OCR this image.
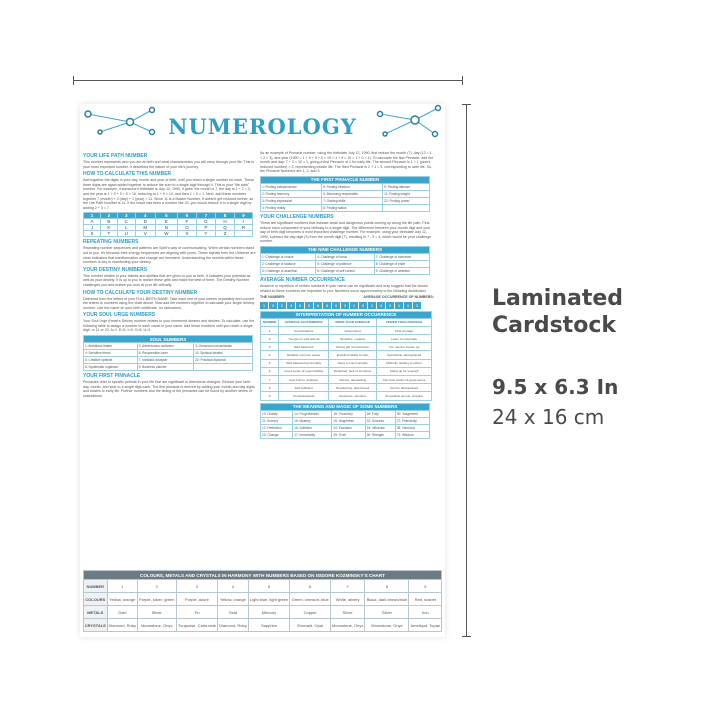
Laminated
Cardstock
9.5 x 6.3 In
24 x 16 cm
NUMEROLOGY
YOUR LIFE PATH NUMBER
This number represents who you are at birth and what characteristics you will carry through your life. This is your most important number. It describes the nature of your life's journey.
HOW TO CALCULATE THIS NUMBER
Add together the digits in your day, month and year of birth, until you reach a single number for each. These three digits are again added together to reduce the sum to a single digit through 9. This is your "life path" number. For example, if someone's birthdate is July 12, 1990, it goes: the month is 7, the day is 1 + 2 = 3, and the year is 1 + 9 + 9 + 0 = 19, reducing to 1 + 9 = 10, and then 1 + 0 = 1. Next, add these numbers together 7 (month) + 3 (day) + 1 (year) = 11. Since 11 is a Master Number, it doesn't get reduced further, so the Life Path Number is 11. If the result had been a number like 23, you would reduce it to a single digit by adding 2 + 3 = 7.
1	2	3	4	5	6	7	8	9
A	B	C	D	E	F	G	H	I
J	K	L	M	N	O	P	Q	R
S	T	U	V	W	X	Y	Z	
REPEATING NUMBERS
Repeating number sequences and patterns are Spirit's way of communicating. When certain numbers stand out to you, it's because their energy frequencies are aligning with yours. These signals from the Universe are clear indicators that transformation and change are imminent. Understanding the secrets within these numbers is key to manifesting your destiny.
YOUR DESTINY NUMBERS
This number relates to your talents and abilities that are given to you at birth. It indicates your potential as well as your destiny: It is up to you to realize these gifts and make the best of them. The Destiny Number challenges you and makes you look at your life critically.
HOW TO CALCULATE YOUR DESTINY NUMBER
Delivered from the letters of your FULL BIRTH NAME. Take each one of your names separately and convert the letters to numbers using the chart above. Now add the numbers together to calculate your single destiny number. Use the name on your birth certificate, no nicknames.
YOUR SOUL URGE NUMBERS
Your Soul Urge (Heart's Desire) number relates to your innermost dreams and desires. To calculate, use the following table to assign a number to each vowel in your name. Add these numbers until you reach a single digit, or 11 or 22. A=1, E=5, I=9, O=6, U=3.
SOUL NUMBERS		
1: Ambitious leader	2: Adventurous motivator	3: Generous humanitarian
4: Sensitive friend	5: Responsible carer	11: Spiritual idealist
6: Creative optimist	7: Idealistic analyser	22: Practical diplomat
8: Systematic organiser	9: Business planner	
YOUR FIRST PINNACLE
Pinnacles refer to specific periods in your life that are significant in directional changes. Reduce your birth day, month, and year to a single digit each. The first pinnacle is derived by adding your month and day digits and relates to early life. Further numbers and the timing of the pinnacles can be found by another series of calculations.
As an example of Pinnacle number, using the birthdate July 12, 1990, first reduce the month (7), day (12 = 1 + 2 = 3), and year (1990 = 1 + 9 + 9 + 0 = 19 = 1 + 9 = 10 = 1 + 0 = 1). To calculate the first Pinnacle, add the month and day: 7 + 3 = 10 = 1, giving a first Pinnacle of 1 for early life. The second Pinnacle is 1 + 1 (year's reduced number) = 2, representing middle life. The third Pinnacle is 2 + 1 = 3, corresponding to later life. So, the Pinnacle Numbers are 1, 2, and 3.
THE FIRST PINNACLE NUMBER		
1: Finding independence	5: Finding freedom	9: Finding altruism
2: Finding harmony	6: Becoming responsible	11: Finding insight
3: Finding expression	7: Gaining skills	22: Finding power
4: Finding reality	8: Finding status	
YOUR CHALLENGE NUMBERS
These are significant numbers that indicate weak and dangerous points coming up along the life path. First, reduce each component of your birthday to a single digit. The difference between your month digit and your day of birth digit becomes a most important challenge number. For example, using your birthdate July 12, 1990, subtract the day digit (3) from the month digit (7), resulting in 7 - 3 = 4, which would be your challenge number.
THE NINE CHALLENGE NUMBERS		
1: Challenge of choice	4: Challenge of focus	7: Challenge of tolerance
2: Challenge of balance	5: Challenge of patience	8: Challenge of pride
3: Challenge of assertion	6: Challenge of self control	9: Challenge of ambition
AVERAGE NUMBER OCCURRENCE
Absence or repetition of certain numbers in your name can be significant and may suggest that the issues related to these numbers are important to you. Numbers occur approximately in the following distribution.
THE NUMBER:	AVERAGE OCCURRENCE OF NUMBERS:
1	3	2	4	5	5	6	8	9	3	1	3	1	4	2	1	1	3
INTERPRETATION OF NUMBER OCCURRENCE			
NUMBER	AVERAGE OCCURRENCE	MORE THAN AVERAGE	FEWER THAN AVERAGE
1	Good balance	Determined	Find courage
2	You get on well with all	Sensitive, creative	Learn to cooperate
3	Well balanced	Strong gift of expression	You need to loosen up
4	Reliable common sense	Excellent ability to plan	Impractical, disorganised
5	Well balanced personality	Need to communicate	Difficulty relating to others
6	Good sense of responsibility	Detached, lack of emotions	Stand up for yourself
7	Feel humor, analyser	Intense, demanding	Can look caution & good sense
8	Self sufficient	Headstrong, determined	Can be disorganised
9	Compassionate	Generous, sensitive	Somewhat remote, singular
THE MEANING AND MAGIC OF SOME NUMBERS				
10: Divinity	14: Forgetfulness	18: Treachery	26: Folly	30: Judgement
11: Sorcery	15: Mystery	19: Happiness	22: Success	27: Friendship
12: Perfection	16: Sobbism	24: Evolution	24: Influence	35: Harmony
13: Change	17: Immortality	25: Truth	26: Strength	73: Wisdom
COLOURS, METALS AND CRYSTALS IN HARMONY WITH NUMBERS BASED ON ISIDORE KOZMINSKY'S CHART									
NUMBER	1	2	3	4	5	6	7	8	9
COLOURS	Yellow, orange	Purple, silver, green	Purple, azure	Yellow, orange	Light blue, light green	Green, crimson, blue	White, silvery	Black, dark brown/blue	Red, scarlet
METALS	Gold	Silver	Tin	Gold	Mercury	Copper	Silver	Silver	Iron
CRYSTALS	Diamond, Ruby	Moonstone, Onyx	Turquoise, Carbuncle	Diamond, Ruby	Sapphire	Emerald, Opal	Moonstone, Onyx	Moonstone, Onyx	Amethyst, Topaz
